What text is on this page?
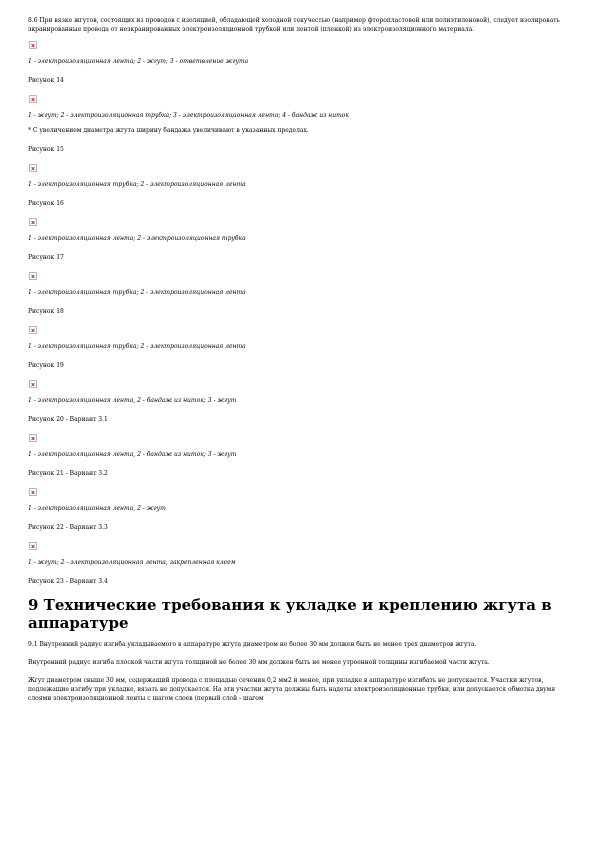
8.6 При вязке жгутов, состоящих из проводов с изоляцией, обладающей холодной текучестью (например фторопластовой или полиэтиленовой), следует изолировать экранированные провода от неэкранированных электроизоляционной трубкой или лентой (пленкой) из электроизоляционного материала.

1 - электроизоляционная лента; 2 - жгут; 3 - ответвление жгута

Рисунок 14

1 - жгут; 2 - электроизоляционная трубка; 3 - электроизоляционная лента; 4 - бандаж из ниток

* С увеличением диаметра жгута ширину бандажа увеличивают в указанных пределах.

Рисунок 15

1 - электроизоляционная трубка; 2 - электроизоляционная лента

Рисунок 16

1 - электроизоляционная лента; 2 - электроизоляционная трубка

Рисунок 17

1 - электроизоляционная трубка; 2 - электроизоляционная лента

Рисунок 18

1 - электроизоляционная трубка; 2 - электроизоляционная лента

Рисунок 19

1 - электроизоляционная лента, 2 - бандаж из ниток; 3 - жгут

Рисунок 20 - Вариант 3.1

1 - электроизоляционная лента, 2 - бандаж из ниток; 3 - жгут

Рисунок 21 - Вариант 3.2

1 - электроизоляционная лента, 2 - жгут

Рисунок 22 - Вариант 3.3

1 - жгут; 2 - электроизоляционная лента, закрепленная клеем

Рисунок 23 - Вариант 3.4

9 Технические требования к укладке и креплению жгута в аппаратуре

9.1 Внутренний радиус изгиба укладываемого в аппаратуре жгута диаметром не более 30 мм должен быть не менее трех диаметров жгута.

Внутренний радиус изгиба плоской части жгута толщиной не более 30 мм должен быть не менее утроенной толщины изгибаемой части жгута.

Жгут диаметром свыше 30 мм, содержащий провода с площадью сечения 0,2 мм2 и менее, при укладке в аппаратуре изгибать не допускается. Участки жгутов, подлежащие изгибу при укладке, вязать не допускается. На эти участки жгута должны быть надеты электроизоляционные трубки, или допускается обмотка двумя слоями электроизоляционной ленты с шагом слоев (первый слой - шагом
